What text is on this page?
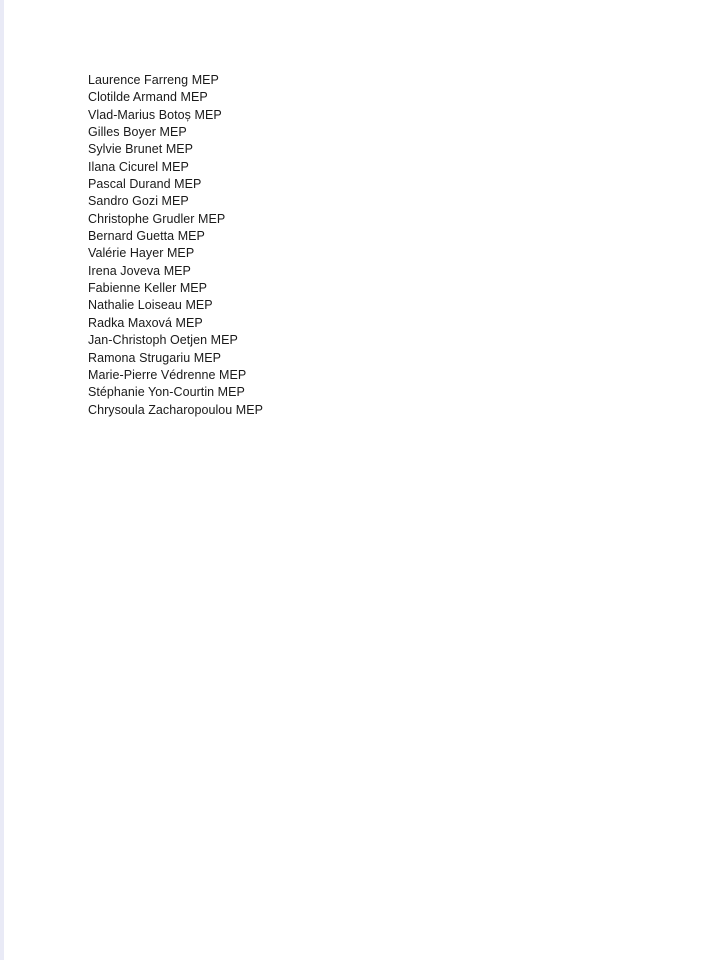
Laurence Farreng MEP
Clotilde Armand MEP
Vlad-Marius Botoș MEP
Gilles Boyer MEP
Sylvie Brunet MEP
Ilana Cicurel MEP
Pascal Durand MEP
Sandro Gozi MEP
Christophe Grudler MEP
Bernard Guetta MEP
Valérie Hayer MEP
Irena Joveva MEP
Fabienne Keller MEP
Nathalie Loiseau MEP
Radka Maxová MEP
Jan-Christoph Oetjen MEP
Ramona Strugariu MEP
Marie-Pierre Védrenne MEP
Stéphanie Yon-Courtin MEP
Chrysoula Zacharopoulou MEP
